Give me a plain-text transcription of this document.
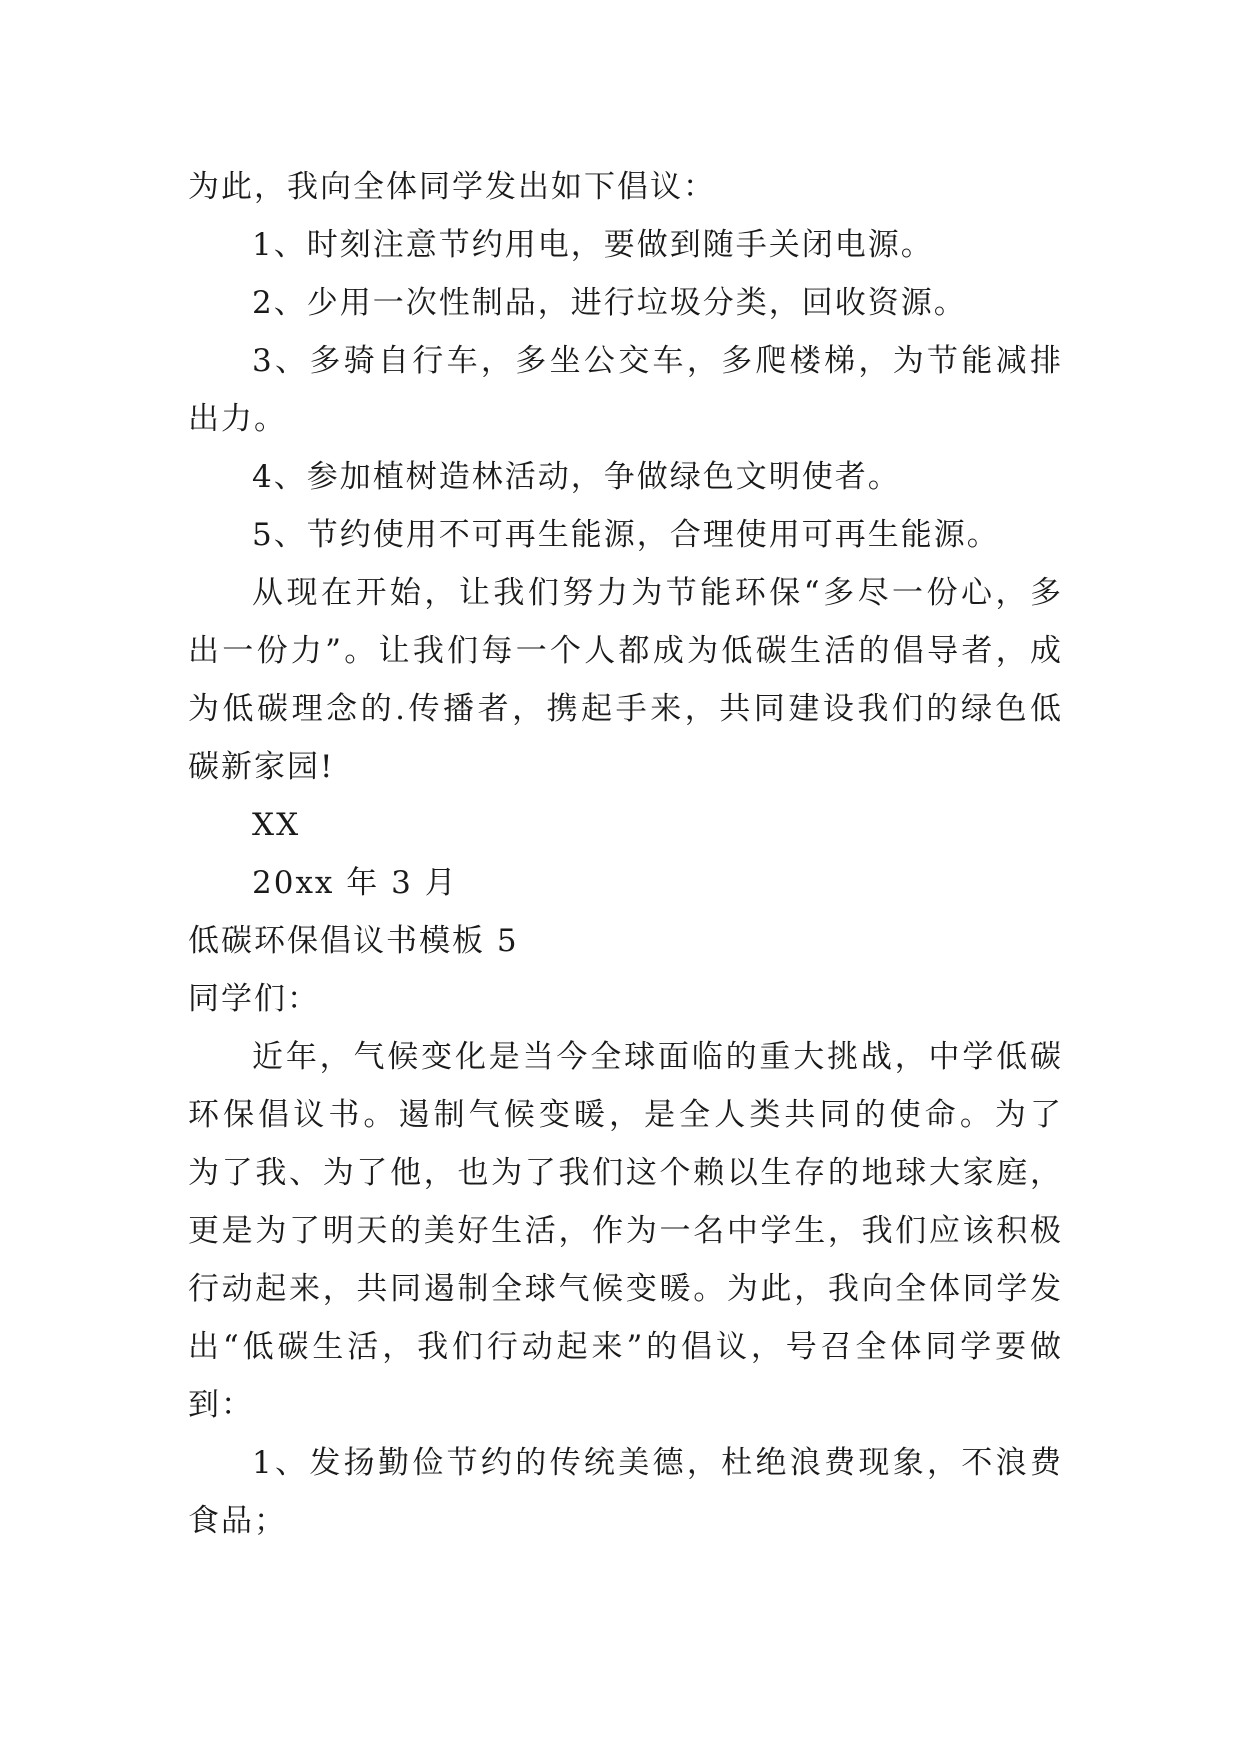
为此，我向全体同学发出如下倡议：
1、时刻注意节约用电，要做到随手关闭电源。
2、少用一次性制品，进行垃圾分类，回收资源。
3、多骑自行车，多坐公交车，多爬楼梯，为节能减排
出力。
4、参加植树造林活动，争做绿色文明使者。
5、节约使用不可再生能源，合理使用可再生能源。
从现在开始，让我们努力为节能环保“多尽一份心，多
出一份力”。让我们每一个人都成为低碳生活的倡导者，成
为低碳理念的.传播者，携起手来，共同建设我们的绿色低
碳新家园!
XX
20xx 年 3 月
低碳环保倡议书模板 5
同学们：
近年，气候变化是当今全球面临的重大挑战，中学低碳
环保倡议书。遏制气候变暖，是全人类共同的使命。为了
为了我、为了他，也为了我们这个赖以生存的地球大家庭，
更是为了明天的美好生活，作为一名中学生，我们应该积极
行动起来，共同遏制全球气候变暖。为此，我向全体同学发
出“低碳生活，我们行动起来”的倡议，号召全体同学要做
到：
1、发扬勤俭节约的传统美德，杜绝浪费现象，不浪费
食品；
